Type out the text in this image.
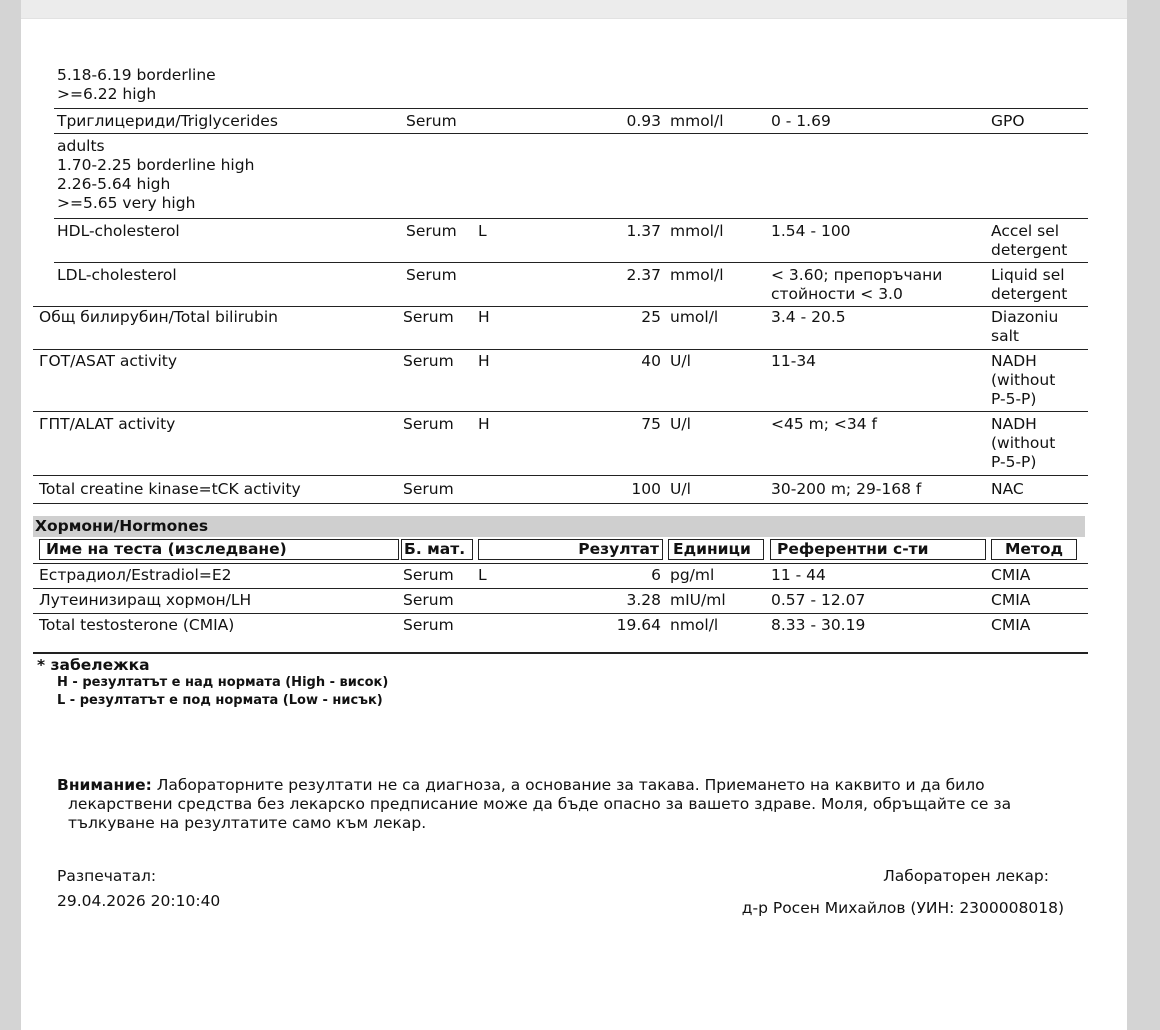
5.18-6.19 borderline
>=6.22 high
Триглицериди/Triglycerides	Serum	0.93 mmol/l	0 - 1.69	GPO
adults
1.70-2.25 borderline high
2.26-5.64 high
>=5.65 very high
HDL-cholesterol	Serum L	1.37 mmol/l	1.54 - 100	Accel sel
detergent
LDL-cholesterol	Serum	2.37 mmol/l	< 3.60; препоръчани
стойности < 3.0
Liquid sel
detergent
Общ билирубин/Total bilirubin	Serum H	25 umol/l	3.4 - 20.5	Diazoniu
salt
ГОТ/ASAT activity	Serum H	40 U/l	11-34	NADH
(without
P-5-P)
ГПТ/ALAT activity	Serum H	75 U/l	<45 m; <34 f	NADH
(without
P-5-P)
Total creatine kinase=tCK activity	Serum	100 U/l	30-200 m; 29-168 f	NAC
Хормони/Hormones
Име на теста (изследване)	Б. мат.	Резултат Единици	Референтни с-ти	Метод
Естрадиол/Estradiol=E2	Serum L	6 pg/ml	11 - 44	CMIA
Лутеинизиращ хормон/LH	Serum	3.28 mIU/ml	0.57 - 12.07	CMIA
Total testosterone (CMIA)	Serum	19.64 nmol/l	8.33 - 30.19	CMIA
* забележка
H - резултатът е над нормата (High - висок)
L - резултатът е под нормата (Low - нисък)
Внимание: Лабораторните резултати не са диагноза, а основание за такава. Приемането на каквито и да било
лекарствени средства без лекарско предписание може да бъде опасно за вашето здраве. Моля, обръщайте се за
тълкуване на резултатите само към лекар.
Разпечатал:
29.04.2026 20:10:40
Лабораторен лекар:
д-р Росен Михайлов (УИН: 2300008018)
